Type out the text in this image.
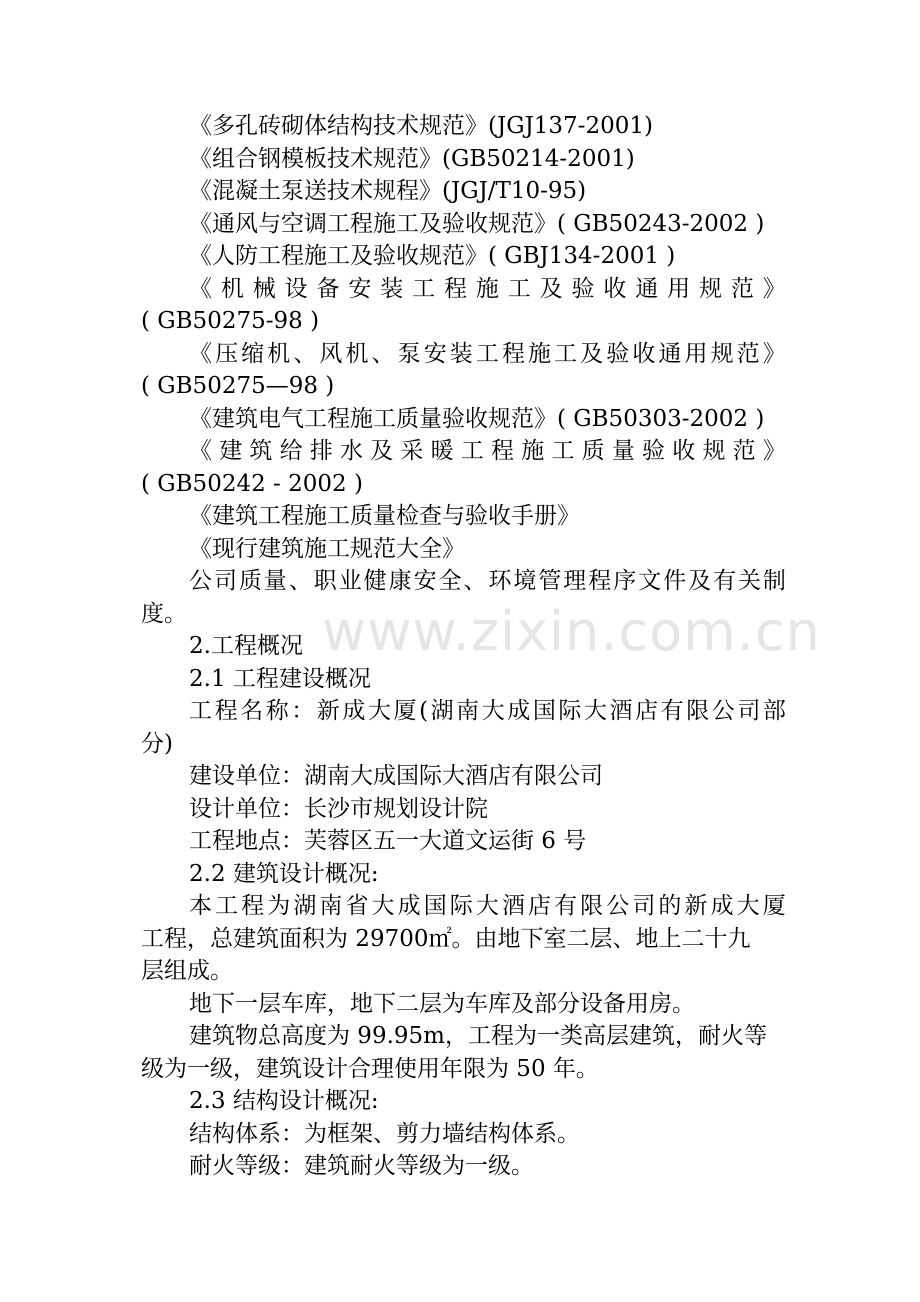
《多孔砖砌体结构技术规范》(JGJ137-2001)
《组合钢模板技术规范》(GB50214-2001)
《混凝土泵送技术规程》(JGJ/T10-95)
《通风与空调工程施工及验收规范》( GB50243-2002 )
《人防工程施工及验收规范》( GBJ134-2001 )
《 机 械 设 备 安 装 工 程 施 工 及 验 收 通 用 规 范 》
( GB50275-98 )
《 压 缩 机 、 风 机 、 泵 安 装 工 程 施 工 及 验 收 通 用 规 范 》
( GB50275—98 )
《建筑电气工程施工质量验收规范》( GB50303-2002 )
《 建 筑 给 排 水 及 采 暖 工 程 施 工 质 量 验 收 规 范 》
( GB50242 - 2002 )
《建筑工程施工质量检查与验收手册》
《现行建筑施工规范大全》
公 司 质 量 、 职 业 健 康 安 全 、 环 境 管 理 程 序 文 件 及 有 关 制
度。
2.工程概况
2.1 工程建设概况
工 程 名 称 ： 新 成 大 厦 ( 湖 南 大 成 国 际 大 酒 店 有 限 公 司 部
分)
建设单位：湖南大成国际大酒店有限公司
设计单位：长沙市规划设计院
工程地点：芙蓉区五一大道文运街 6 号
2.2 建筑设计概况:
本 工 程 为 湖 南 省 大 成 国 际 大 酒 店 有 限 公 司 的 新 成 大 厦
工程，总建筑面积为 29700㎡。由地下室二层、地上二十九
层组成。
地下一层车库，地下二层为车库及部分设备用房。
建筑物总高度为 99.95m，工程为一类高层建筑，耐火等
级为一级，建筑设计合理使用年限为 50 年。
2.3 结构设计概况:
结构体系：为框架、剪力墙结构体系。
耐火等级：建筑耐火等级为一级。
www.zixin.com.cn
